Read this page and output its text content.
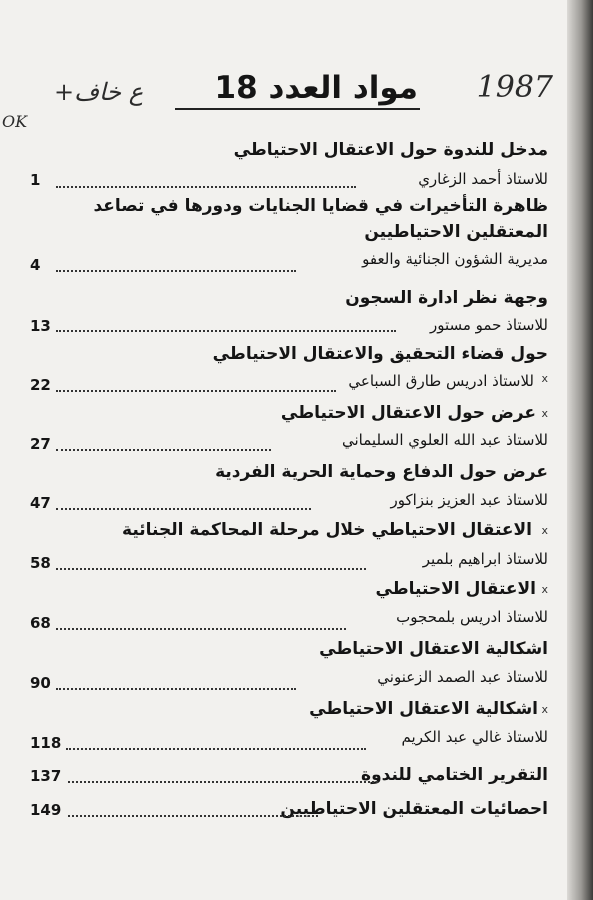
1987
OK
+ع خاف	مواد العدد 18
مدخل للندوة حول الاعتقال الاحتياطي
للاستاذ أحمد الزغاري
1
ظاهرة التأخيرات في قضايا الجنايات ودورها في تصاعد
المعتقلين الاحتياطيين
مديرية الشؤون الجنائية والعفو
4
وجهة نظر ادارة السجون
للاستاذ حمو مستور
13
حول قضاء التحقيق والاعتقال الاحتياطي
للاستاذ ادريس طارق السباعي x
22
عرض حول الاعتقال الاحتياطي x
للاستاذ عبد الله العلوي السليماني
27
عرض حول الدفاع وحماية الحرية الفردية
للاستاذ عبد العزيز بنزاكور
47
الاعتقال الاحتياطي خلال مرحلة المحاكمة الجنائية x
للاستاذ ابراهيم بلمير
58
الاعتقال الاحتياطي x
للاستاذ ادريس بلمحجوب
68
اشكالية الاعتقال الاحتياطي
للاستاذ عبد الصمد الزعنوني
90
اشكالية الاعتقال الاحتياطي x
للاستاذ غالي عبد الكريم
118
التقرير الختامي للندوة
137
احصائيات المعتقلين الاحتياطيين
149
